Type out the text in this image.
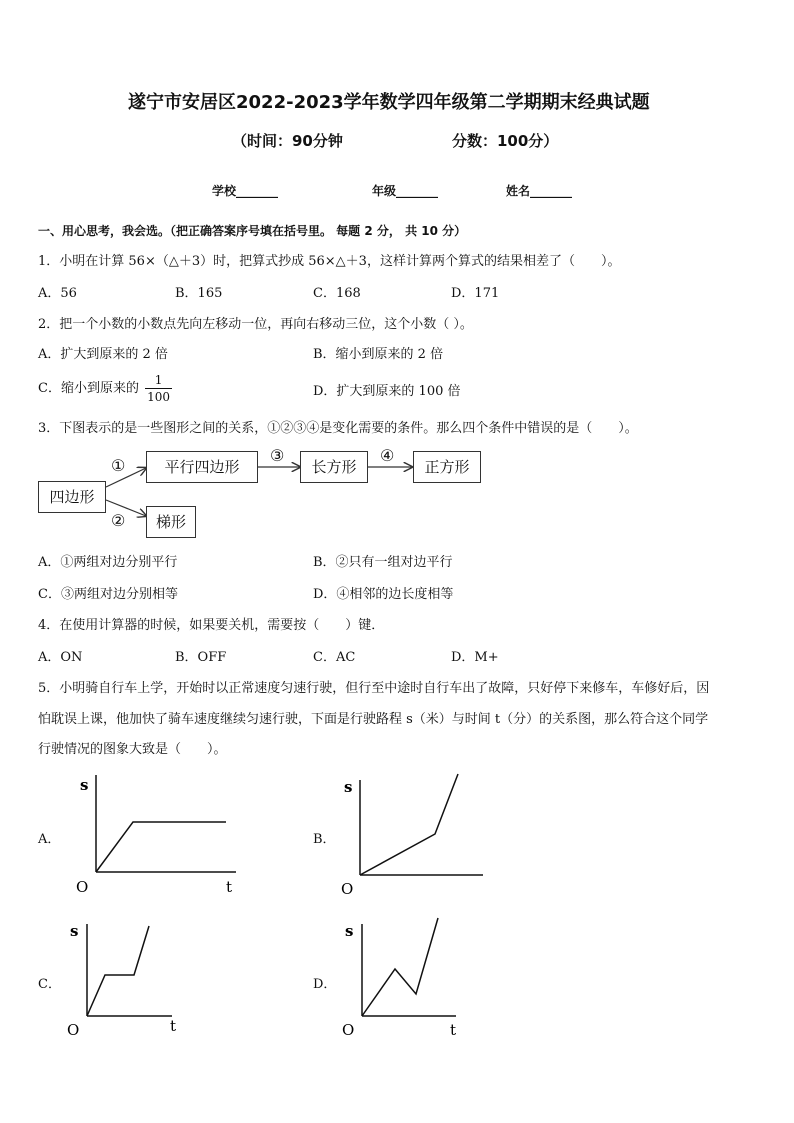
遂宁市安居区2022-2023学年数学四年级第二学期期末经典试题
（时间：90分钟	分数：100分）
学校_______	年级_______	姓名_______
一、用心思考，我会选。（把正确答案序号填在括号里。 每题 2 分， 共 10 分）
1．小明在计算 56×（△＋3）时，把算式抄成 56×△＋3，这样计算两个算式的结果相差了（　　）。
A．56	B．165	C．168	D．171
2．把一个小数的小数点先向左移动一位，再向右移动三位，这个小数（ ）。
A．扩大到原来的 2 倍	B．缩小到原来的 2 倍
C．缩小到原来的 $\frac{1}{100}$	D．扩大到原来的 100 倍
3．下图表示的是一些图形之间的关系，①②③④是变化需要的条件。那么四个条件中错误的是（　　）。
四边形
平行四边形	长方形	正方形
梯形
①
②
③	④
A．①两组对边分别平行	B．②只有一组对边平行
C．③两组对边分别相等	D．④相邻的边长度相等
4．在使用计算器的时候，如果要关机，需要按（　　）键．
A．ON	B．OFF	C．AC	D．M+
5．小明骑自行车上学，开始时以正常速度匀速行驶，但行至中途时自行车出了故障，只好停下来修车，车修好后，因
怕耽误上课，他加快了骑车速度继续匀速行驶，下面是行驶路程 s（米）与时间 t（分）的关系图，那么符合这个同学
行驶情况的图象大致是（　　）。
A．
s
O	t
B．
s
O
C．
s
O	t
D．
s
O	t
